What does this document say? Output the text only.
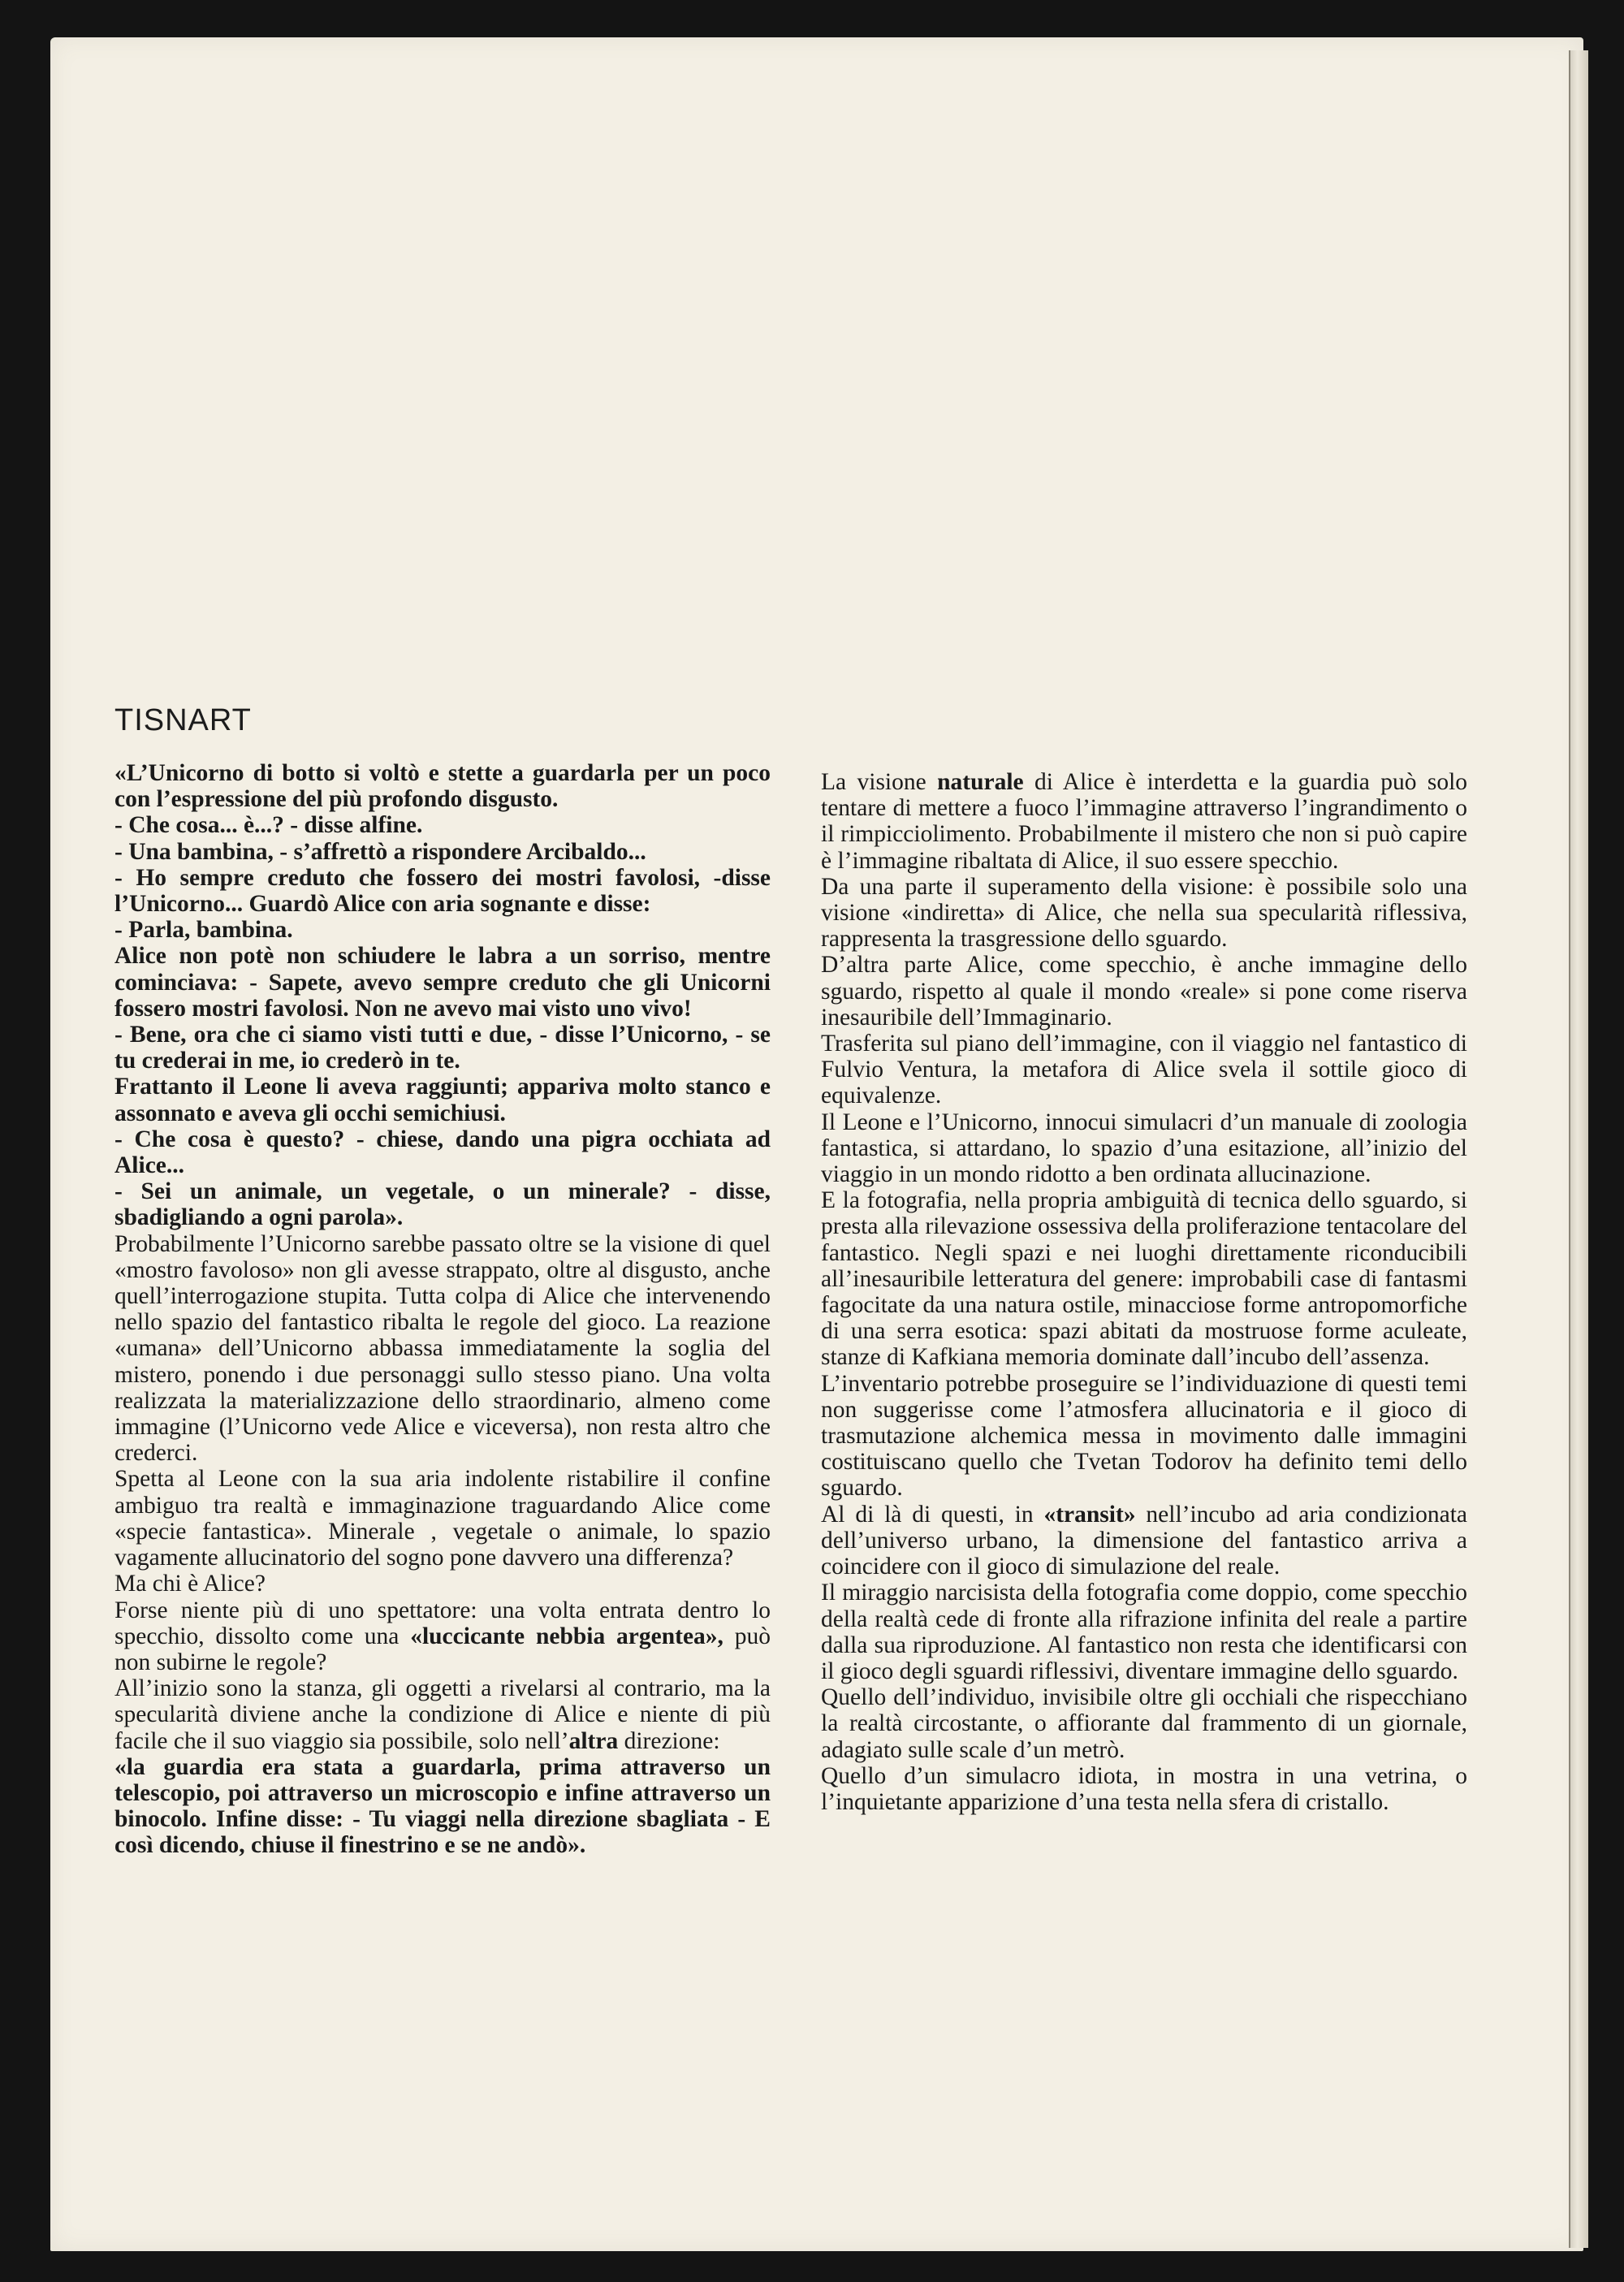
TISNART

«L’Unicorno di botto si voltò e stette a guardarla per un poco con l’espressione del più profondo disgusto.

- Che cosa... è...? - disse alfine.

- Una bambina, - s’affrettò a rispondere Arcibaldo...

- Ho sempre creduto che fossero dei mostri favolosi, -disse l’Unicorno... Guardò Alice con aria sognante e disse:

- Parla, bambina.

Alice non potè non schiudere le labra a un sorriso, mentre cominciava: - Sapete, avevo sempre creduto che gli Unicorni fossero mostri favolosi. Non ne avevo mai visto uno vivo!

- Bene, ora che ci siamo visti tutti e due, - disse l’Unicorno, - se tu crederai in me, io crederò in te.

Frattanto il Leone li aveva raggiunti; appariva molto stanco e assonnato e aveva gli occhi semichiusi.

- Che cosa è questo? - chiese, dando una pigra occhiata ad Alice...

- Sei un animale, un vegetale, o un minerale? - disse, sbadigliando a ogni parola».

Probabilmente l’Unicorno sarebbe passato oltre se la visione di quel «mostro favoloso» non gli avesse strappato, oltre al disgusto, anche quell’interrogazione stupita. Tutta colpa di Alice che intervenendo nello spazio del fantastico ribalta le regole del gioco. La reazione «umana» dell’Unicorno abbassa immediatamente la soglia del mistero, ponendo i due personaggi sullo stesso piano. Una volta realizzata la materializzazione dello straordinario, almeno come immagine (l’Unicorno vede Alice e viceversa), non resta altro che crederci.

Spetta al Leone con la sua aria indolente ristabilire il confine ambiguo tra realtà e immaginazione traguardando Alice come «specie fantastica». Minerale , vegetale o animale, lo spazio vagamente allucinatorio del sogno pone davvero una differenza?

Ma chi è Alice?

Forse niente più di uno spettatore: una volta entrata dentro lo specchio, dissolto come una «luccicante nebbia argentea», può non subirne le regole?

All’inizio sono la stanza, gli oggetti a rivelarsi al contrario, ma la specularità diviene anche la condizione di Alice e niente di più facile che il suo viaggio sia possibile, solo nell’altra direzione:

«la guardia era stata a guardarla, prima attraverso un telescopio, poi attraverso un microscopio e infine attraverso un binocolo. Infine disse: - Tu viaggi nella direzione sbagliata - E così dicendo, chiuse il finestrino e se ne andò».

La visione naturale di Alice è interdetta e la guardia può solo tentare di mettere a fuoco l’immagine attraverso l’ingrandimento o il rimpicciolimento. Probabilmente il mistero che non si può capire è l’immagine ribaltata di Alice, il suo essere specchio.

Da una parte il superamento della visione: è possibile solo una visione «indiretta» di Alice, che nella sua specularità riflessiva, rappresenta la trasgressione dello sguardo.

D’altra parte Alice, come specchio, è anche immagine dello sguardo, rispetto al quale il mondo «reale» si pone come riserva inesauribile dell’Immaginario.

Trasferita sul piano dell’immagine, con il viaggio nel fantastico di Fulvio Ventura, la metafora di Alice svela il sottile gioco di equivalenze.

Il Leone e l’Unicorno, innocui simulacri d’un manuale di zoologia fantastica, si attardano, lo spazio d’una esitazione, all’inizio del viaggio in un mondo ridotto a ben ordinata allucinazione.

E la fotografia, nella propria ambiguità di tecnica dello sguardo, si presta alla rilevazione ossessiva della proliferazione tentacolare del fantastico. Negli spazi e nei luoghi direttamente riconducibili all’inesauribile letteratura del genere: improbabili case di fantasmi fagocitate da una natura ostile, minacciose forme antropomorfiche di una serra esotica: spazi abitati da mostruose forme aculeate, stanze di Kafkiana memoria dominate dall’incubo dell’assenza.

L’inventario potrebbe proseguire se l’individuazione di questi temi non suggerisse come l’atmosfera allucinatoria e il gioco di trasmutazione alchemica messa in movimento dalle immagini costituiscano quello che Tvetan Todorov ha definito temi dello sguardo.

Al di là di questi, in «transit» nell’incubo ad aria condizionata dell’universo urbano, la dimensione del fantastico arriva a coincidere con il gioco di simulazione del reale.

Il miraggio narcisista della fotografia come doppio, come specchio della realtà cede di fronte alla rifrazione infinita del reale a partire dalla sua riproduzione. Al fantastico non resta che identificarsi con il gioco degli sguardi riflessivi, diventare immagine dello sguardo.

Quello dell’individuo, invisibile oltre gli occhiali che rispecchiano la realtà circostante, o affiorante dal frammento di un giornale, adagiato sulle scale d’un metrò.

Quello d’un simulacro idiota, in mostra in una vetrina, o l’inquietante apparizione d’una testa nella sfera di cristallo.
